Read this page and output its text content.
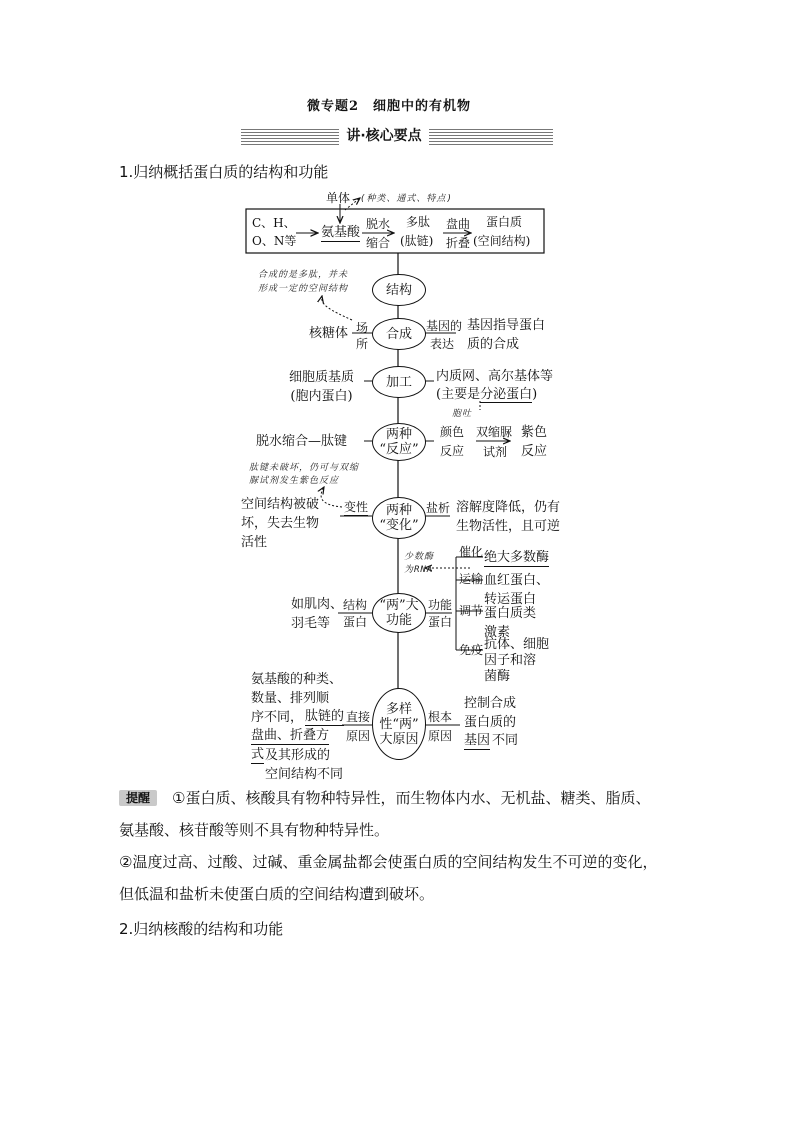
微专题2　细胞中的有机物
讲·核心要点
1.归纳概括蛋白质的结构和功能
单体 (种类、通式、特点)
C、H、
O、N等
氨基酸
脱水
缩合
多肽
(肽链)
盘曲
折叠
蛋白质
(空间结构)
结构
合成的是多肽，并未
形成一定的空间结构
核糖体 场
所
合成
基因的
表达
基因指导蛋白
质的合成
细胞质基质
(胞内蛋白)
加工 内质网、高尔基体等
(主要是分泌蛋白)
胞吐
脱水缩合—肽键	两种
“反应”
颜色
反应
双缩脲
试剂
紫色
反应
肽键未破坏，仍可与双缩
脲试剂发生紫色反应
空间结构被破
坏，失去生物
活性
变性	两种
“变化”
盐析 溶解度降低，仍有
生物活性，且可逆
少数酶
为RNA
催化 绝大多数酶
运输 血红蛋白、
转运蛋白
调节 蛋白质类
激素
免疫 抗体、细胞
因子和溶
菌酶
如肌肉、
羽毛等
结构
蛋白
“两”大
功能
功能
蛋白
氨基酸的种类、
数量、排列顺
序不同， 肽链的
盘曲、折叠方
式 及其形成的
空间结构不同
直接
原因
多样
性“两”
大原因
根本
原因
控制合成
蛋白质的
基因 不同
提醒	①蛋白质、核酸具有物种特异性，而生物体内水、无机盐、糖类、脂质、
氨基酸、核苷酸等则不具有物种特异性。
②温度过高、过酸、过碱、重金属盐都会使蛋白质的空间结构发生不可逆的变化，
但低温和盐析未使蛋白质的空间结构遭到破坏。
2.归纳核酸的结构和功能
